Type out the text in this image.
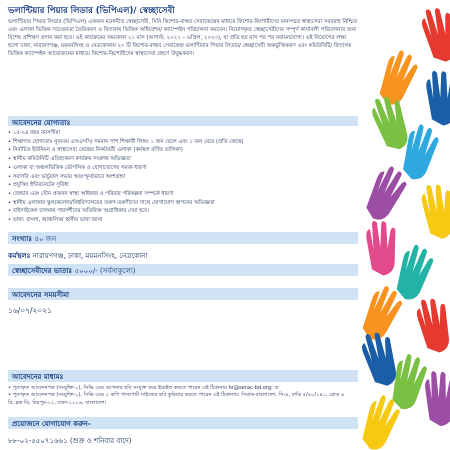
ভলান্টিয়ার পিয়ার লিডার (ভিপিএল)/ স্বেচ্ছাসেবী
ভলান্টিয়ার পিয়ার লিডার (ভিপিএল) একজন মনোনীত স্বেচ্ছাসেবী, যিনি কিশোর-বান্ধব সেবাকেন্দ্রের মাধ্যমে কিশোর-কিশোরীদের মানসম্মত স্বাস্থ্যসেবা সরবরাহ নিশ্চিত এবং এলাকা ভিত্তিক সচেতনতা তৈরিকরণ ও বিদ্যালয় ভিত্তিক অধিবেশন/ ক্যাম্পেইন পরিচালনা করবেন। নিয়োগকৃত স্বেচ্ছাসেবীদের সম্পূর্ণ কার্যাবলী পরিচালনার জন্য বিশেষ প্রশিক্ষণ প্রদান করা হবে। এই কার্যক্রমের সময়কাল ২১ মাস (আগস্ট, ২০২১ – এপ্রিল, ২০২৩), যা প্রতি ছয় মাস পর পর নবায়নযোগ্য। এই নিয়োগের লক্ষ্য হলো ঢাকা, নারায়ণগঞ্জ, ময়মনসিংহ ও নেত্রকোনায় ২০ টি কিশোর-বান্ধব সেবাকেন্দ্র ভলান্টিয়ার পিয়ার লিডার/ স্বেচ্ছাসেবী অন্তর্ভুক্তিকরণ এবং কমিউনিটি/ বিদ্যালয় ভিত্তিক ক্যাম্পেইন আয়োজনের মাধ্যমে কিশোর-কিশোরীদের স্বাস্থ্যসেবা গ্রহণে উদ্বুদ্ধকরণ।
আবেদনের যোগ্যতাঃ
• ১৫-২৪ বছর বয়সসীমা
• শিক্ষাগত যোগ্যতাঃ ন্যূনতম এসএসসি/ সমমান পাশ শিক্ষার্থী লিঙ্গঃ ১ জন ছেলে এবং ১ জন মেয়ে (প্রতি কেন্দ্রে)
• নির্বাচিত ইউনিয়ন ও স্বাস্থ্যসেবা কেন্দ্রের নিকটবর্তী এলাকা (কর্মস্থল বর্ণিত তালিকা)
• স্থানীয় কমিউনিটি এতিহ্যকরণ কার্যক্রম সংক্রান্ত অভিজ্ঞতা
• এলাকা বা অঞ্চলভিত্তিক ভৌগলিক ও যোগাযোগের সম্যক ধারণা
• সরাসরি এবং ভার্চুয়াল সভায় স্বতঃস্ফূর্তভাবে অংশগ্রহণ
• প্রযুক্তি/ ইন্টারনেটের সুবিধা
• জেন্ডার এবং যৌন প্রজনন স্বাস্থ্য অধিকার ও পরিবার পরিকল্পনা সম্পর্কে ধারণা
• স্থানীয় এলাকার স্কুল/কলেজ/বিশ্ববিদ্যালয়ের তরুণ-তরুণীদের সাথে যোগাযোগ স্থাপনের অভিজ্ঞতা
• বাইসাইকেল চালনায় পারদর্শীদের অতিরিক্ত অগ্রাধিকার দেয়া হবে।
• ভাষা: বাংলা, আঞ্চলিক/ স্থানীয় ভাষা জানা
সংখ্যাঃ ৪০ জন
কর্মস্থলঃ নারায়ণগঞ্জ, ঢাকা, ময়মনসিংহ, নেত্রকোনা
স্বেচ্ছাসেবীদের ভাতাঃ ৫০০০/- (সর্বসাকুল্যে)
আবেদনের সময়সীমা
১৬/০৭/২০২১
আবেদনের মাধ্যমঃ
• পূরণকৃত আবেদনপত্র (সংযুক্তি-১), সিভি এবং আপনার ছবি সংযুক্ত করে ইমেইল করতে পারেন এই ঠিকানায় hr@serac-bd.org; বা
• পূরণকৃত আবেদনপত্র (সংযুক্তি-১), সিভি এবং ২ কপি পাসপোর্ট সাইজের ছবি কুরিয়ার করতে পারেন এই ঠিকানায়: সিরাক-বাংলাদেশ, সি-৪, বাড়ি ৫/৪০/১৪১, রোড ৪ বি, ব্লক ডি, মিরপুর-১২, ঢাকা-১২১৬, বাংলাদেশ।
প্রয়োজনে যোগাযোগ করুন-
৮৮-০২-৫৫০৭১৬৬১ (শুক্র ও শনিবার বাদে)
